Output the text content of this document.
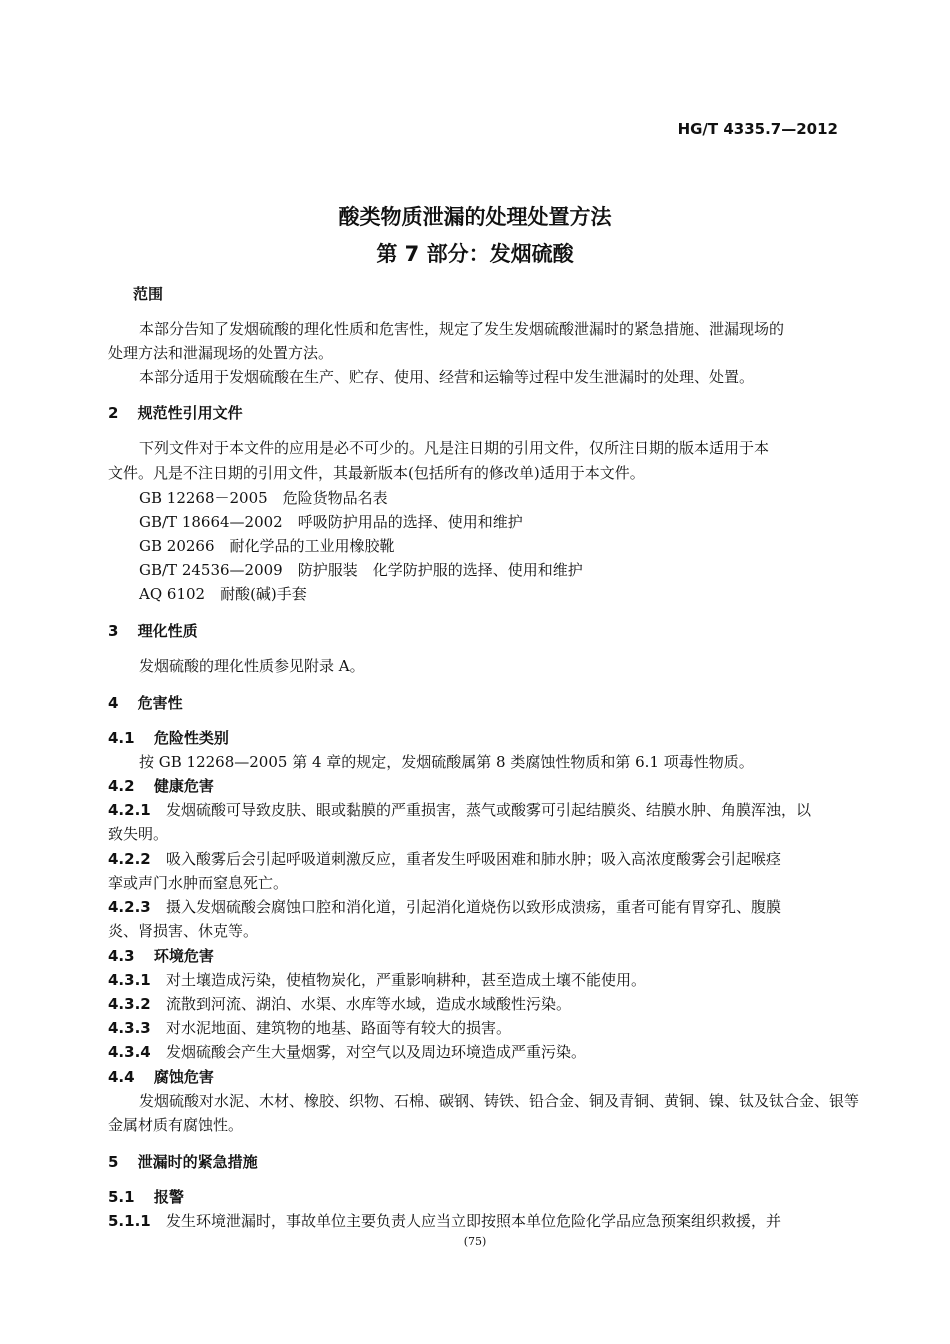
HG/T 4335.7—2012
酸类物质泄漏的处理处置方法
第 7 部分：发烟硫酸
范围
本部分告知了发烟硫酸的理化性质和危害性，规定了发生发烟硫酸泄漏时的紧急措施、泄漏现场的
处理方法和泄漏现场的处置方法。
本部分适用于发烟硫酸在生产、贮存、使用、经营和运输等过程中发生泄漏时的处理、处置。
2 规范性引用文件
下列文件对于本文件的应用是必不可少的。凡是注日期的引用文件，仅所注日期的版本适用于本
文件。凡是不注日期的引用文件，其最新版本(包括所有的修改单)适用于本文件。
GB 12268－2005　危险货物品名表
GB/T 18664—2002　呼吸防护用品的选择、使用和维护
GB 20266　耐化学品的工业用橡胶靴
GB/T 24536—2009　防护服装　化学防护服的选择、使用和维护
AQ 6102　耐酸(碱)手套
3 理化性质
发烟硫酸的理化性质参见附录 A。
4 危害性
4.1 危险性类别
按 GB 12268—2005 第 4 章的规定，发烟硫酸属第 8 类腐蚀性物质和第 6.1 项毒性物质。
4.2 健康危害
4.2.1 发烟硫酸可导致皮肤、眼或黏膜的严重损害，蒸气或酸雾可引起结膜炎、结膜水肿、角膜浑浊，以
致失明。
4.2.2 吸入酸雾后会引起呼吸道刺激反应，重者发生呼吸困难和肺水肿；吸入高浓度酸雾会引起喉痉
挛或声门水肿而窒息死亡。
4.2.3 摄入发烟硫酸会腐蚀口腔和消化道，引起消化道烧伤以致形成溃疡，重者可能有胃穿孔、腹膜
炎、肾损害、休克等。
4.3 环境危害
4.3.1 对土壤造成污染，使植物炭化，严重影响耕种，甚至造成土壤不能使用。
4.3.2 流散到河流、湖泊、水渠、水库等水域，造成水域酸性污染。
4.3.3 对水泥地面、建筑物的地基、路面等有较大的损害。
4.3.4 发烟硫酸会产生大量烟雾，对空气以及周边环境造成严重污染。
4.4 腐蚀危害
发烟硫酸对水泥、木材、橡胶、织物、石棉、碳钢、铸铁、铅合金、铜及青铜、黄铜、镍、钛及钛合金、银等
金属材质有腐蚀性。
5 泄漏时的紧急措施
5.1 报警
5.1.1 发生环境泄漏时，事故单位主要负责人应当立即按照本单位危险化学品应急预案组织救援，并
(75)
